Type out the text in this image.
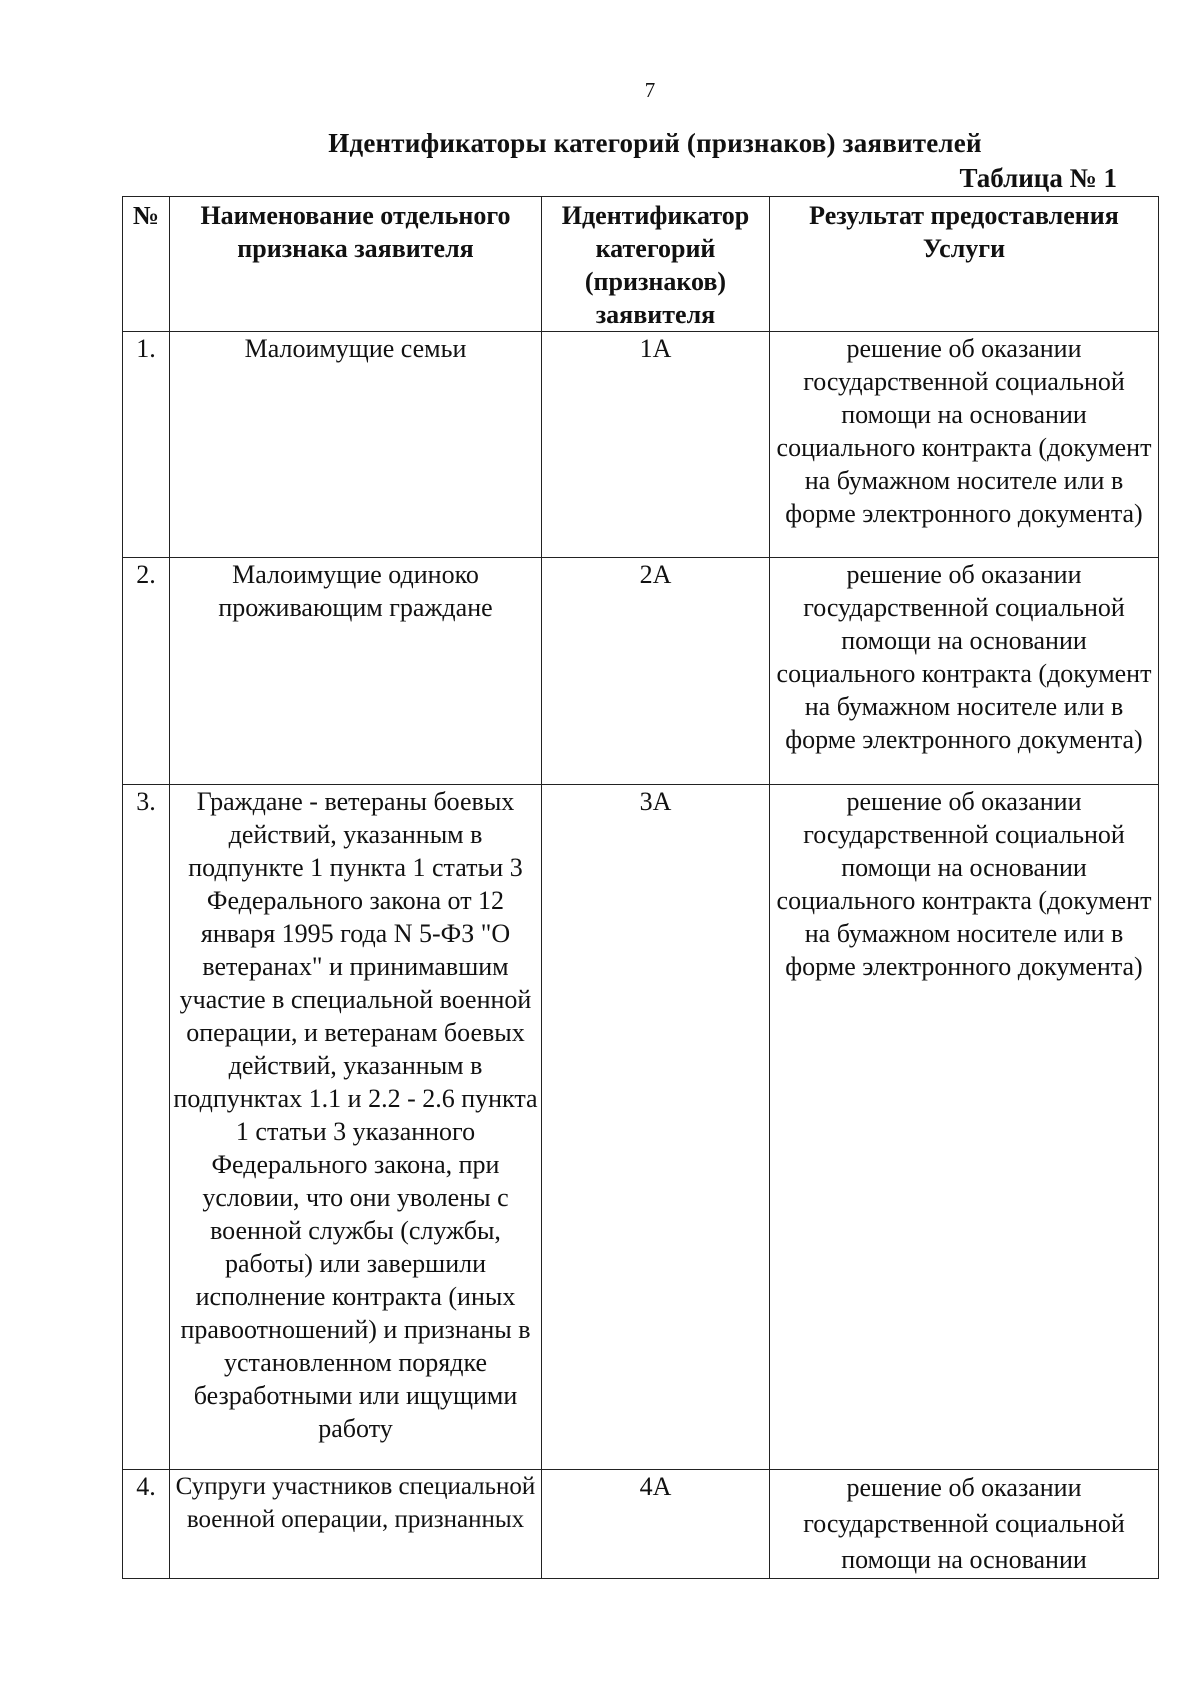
7
Идентификаторы категорий (признаков) заявителей
Таблица № 1
№	Наименование отдельного признака заявителя	Идентификатор категорий (признаков) заявителя	Результат предоставления Услуги
1.	Малоимущие семьи	1А	решение об оказании государственной социальной помощи на основании социального контракта (документ на бумажном носителе или в форме электронного документа)
2.	Малоимущие одиноко проживающим граждане	2А	решение об оказании государственной социальной помощи на основании социального контракта (документ на бумажном носителе или в форме электронного документа)
3.	Граждане - ветераны боевых действий, указанным в подпункте 1 пункта 1 статьи 3 Федерального закона от 12 января 1995 года N 5-ФЗ "О ветеранах" и принимавшим участие в специальной военной операции, и ветеранам боевых действий, указанным в подпунктах 1.1 и 2.2 - 2.6 пункта 1 статьи 3 указанного Федерального закона, при условии, что они уволены с военной службы (службы, работы) или завершили исполнение контракта (иных правоотношений) и признаны в установленном порядке безработными или ищущими работу	3А	решение об оказании государственной социальной помощи на основании социального контракта (документ на бумажном носителе или в форме электронного документа)
4.	Супруги участников специальной военной операции, признанных	4А	решение об оказании государственной социальной помощи на основании
